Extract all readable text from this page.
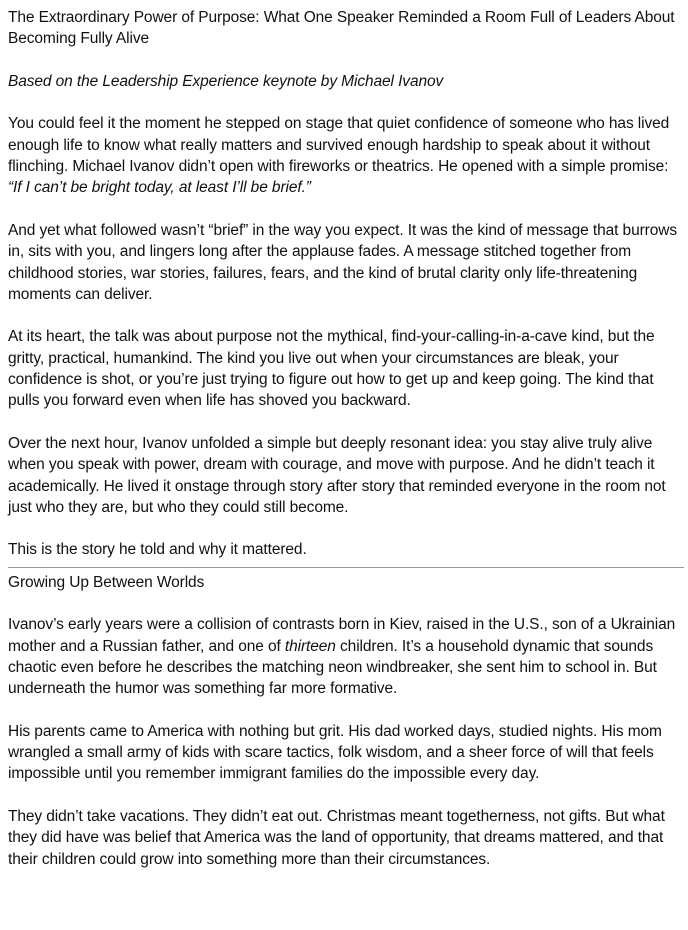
The Extraordinary Power of Purpose: What One Speaker Reminded a Room Full of Leaders About Becoming Fully Alive

Based on the Leadership Experience keynote by Michael Ivanov

You could feel it the moment he stepped on stage that quiet confidence of someone who has lived enough life to know what really matters and survived enough hardship to speak about it without flinching. Michael Ivanov didn’t open with fireworks or theatrics. He opened with a simple promise: “If I can’t be bright today, at least I’ll be brief.”

And yet what followed wasn’t “brief” in the way you expect. It was the kind of message that burrows in, sits with you, and lingers long after the applause fades. A message stitched together from childhood stories, war stories, failures, fears, and the kind of brutal clarity only life-threatening moments can deliver.

At its heart, the talk was about purpose not the mythical, find-your-calling-in-a-cave kind, but the gritty, practical, humankind. The kind you live out when your circumstances are bleak, your confidence is shot, or you’re just trying to figure out how to get up and keep going. The kind that pulls you forward even when life has shoved you backward.

Over the next hour, Ivanov unfolded a simple but deeply resonant idea: you stay alive truly alive when you speak with power, dream with courage, and move with purpose. And he didn’t teach it academically. He lived it onstage through story after story that reminded everyone in the room not just who they are, but who they could still become.

This is the story he told and why it mattered.

Growing Up Between Worlds

Ivanov’s early years were a collision of contrasts born in Kiev, raised in the U.S., son of a Ukrainian mother and a Russian father, and one of thirteen children. It’s a household dynamic that sounds chaotic even before he describes the matching neon windbreaker, she sent him to school in. But underneath the humor was something far more formative.

His parents came to America with nothing but grit. His dad worked days, studied nights. His mom wrangled a small army of kids with scare tactics, folk wisdom, and a sheer force of will that feels impossible until you remember immigrant families do the impossible every day.

They didn’t take vacations. They didn’t eat out. Christmas meant togetherness, not gifts. But what they did have was belief that America was the land of opportunity, that dreams mattered, and that their children could grow into something more than their circumstances.
